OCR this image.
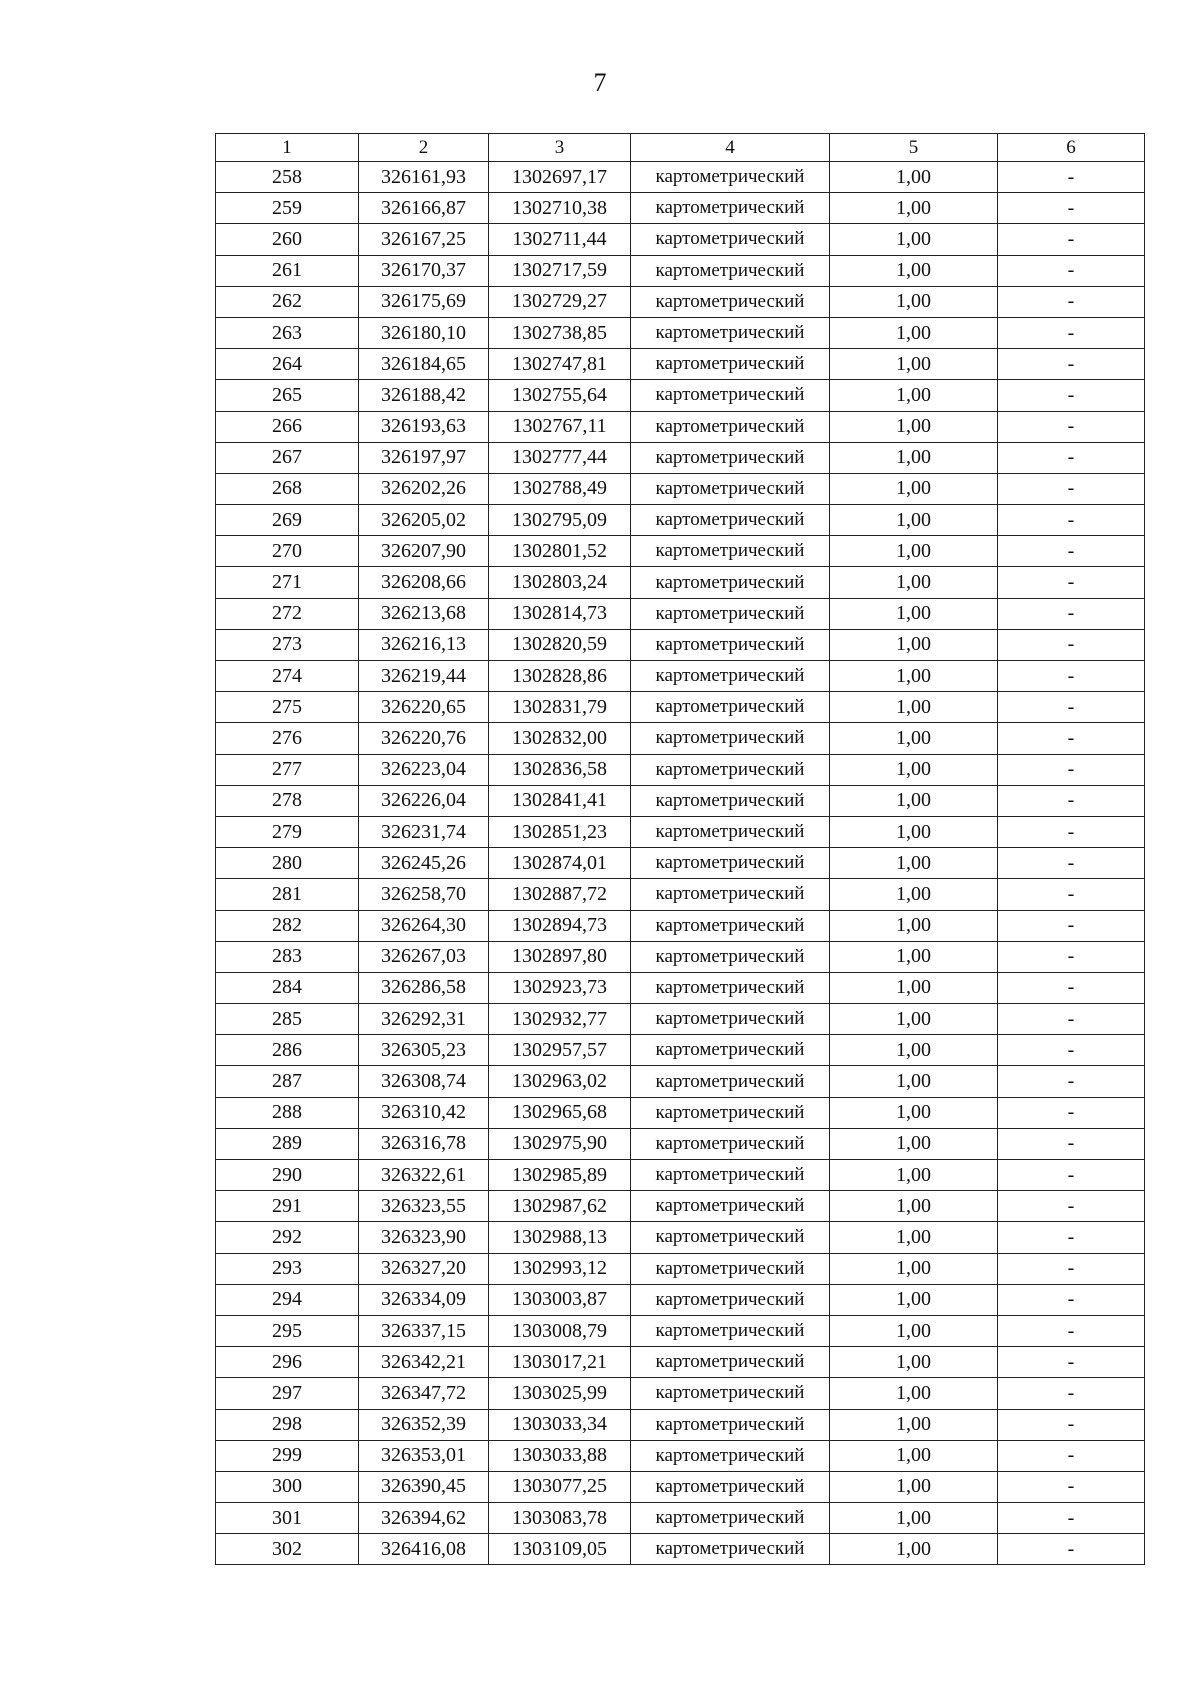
7
1	2	3	4	5	6
258	326161,93	1302697,17	картометрический	1,00	-
259	326166,87	1302710,38	картометрический	1,00	-
260	326167,25	1302711,44	картометрический	1,00	-
261	326170,37	1302717,59	картометрический	1,00	-
262	326175,69	1302729,27	картометрический	1,00	-
263	326180,10	1302738,85	картометрический	1,00	-
264	326184,65	1302747,81	картометрический	1,00	-
265	326188,42	1302755,64	картометрический	1,00	-
266	326193,63	1302767,11	картометрический	1,00	-
267	326197,97	1302777,44	картометрический	1,00	-
268	326202,26	1302788,49	картометрический	1,00	-
269	326205,02	1302795,09	картометрический	1,00	-
270	326207,90	1302801,52	картометрический	1,00	-
271	326208,66	1302803,24	картометрический	1,00	-
272	326213,68	1302814,73	картометрический	1,00	-
273	326216,13	1302820,59	картометрический	1,00	-
274	326219,44	1302828,86	картометрический	1,00	-
275	326220,65	1302831,79	картометрический	1,00	-
276	326220,76	1302832,00	картометрический	1,00	-
277	326223,04	1302836,58	картометрический	1,00	-
278	326226,04	1302841,41	картометрический	1,00	-
279	326231,74	1302851,23	картометрический	1,00	-
280	326245,26	1302874,01	картометрический	1,00	-
281	326258,70	1302887,72	картометрический	1,00	-
282	326264,30	1302894,73	картометрический	1,00	-
283	326267,03	1302897,80	картометрический	1,00	-
284	326286,58	1302923,73	картометрический	1,00	-
285	326292,31	1302932,77	картометрический	1,00	-
286	326305,23	1302957,57	картометрический	1,00	-
287	326308,74	1302963,02	картометрический	1,00	-
288	326310,42	1302965,68	картометрический	1,00	-
289	326316,78	1302975,90	картометрический	1,00	-
290	326322,61	1302985,89	картометрический	1,00	-
291	326323,55	1302987,62	картометрический	1,00	-
292	326323,90	1302988,13	картометрический	1,00	-
293	326327,20	1302993,12	картометрический	1,00	-
294	326334,09	1303003,87	картометрический	1,00	-
295	326337,15	1303008,79	картометрический	1,00	-
296	326342,21	1303017,21	картометрический	1,00	-
297	326347,72	1303025,99	картометрический	1,00	-
298	326352,39	1303033,34	картометрический	1,00	-
299	326353,01	1303033,88	картометрический	1,00	-
300	326390,45	1303077,25	картометрический	1,00	-
301	326394,62	1303083,78	картометрический	1,00	-
302	326416,08	1303109,05	картометрический	1,00	-
